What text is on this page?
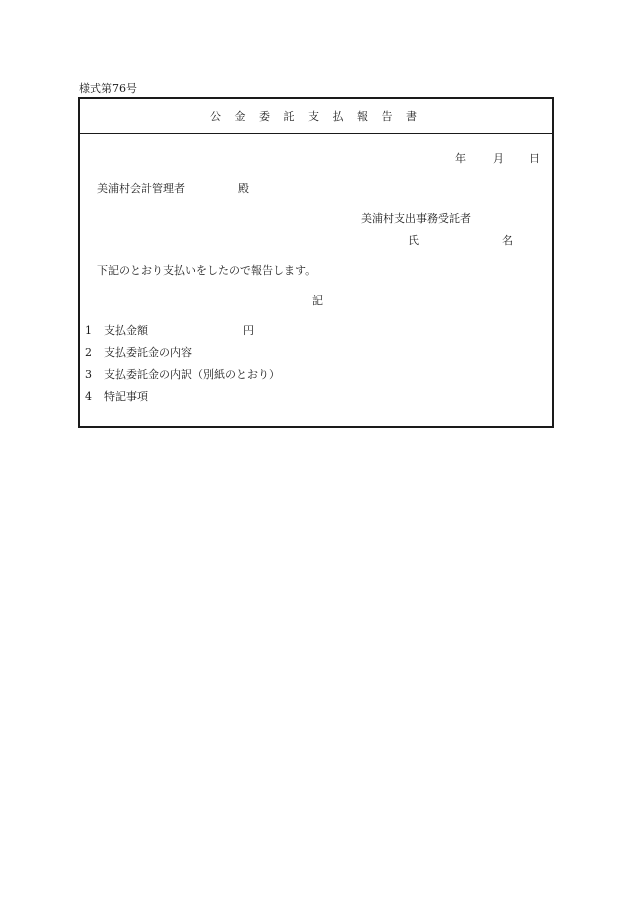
様式第76号
公 金 委 託 支 払 報 告 書
年 月 日
美浦村会計管理者	殿
美浦村支出事務受託者
氏	名
下記のとおり支払いをしたので報告します。
記
1 支払金額	円
2 支払委託金の内容
3 支払委託金の内訳（別紙のとおり）
4 特記事項
